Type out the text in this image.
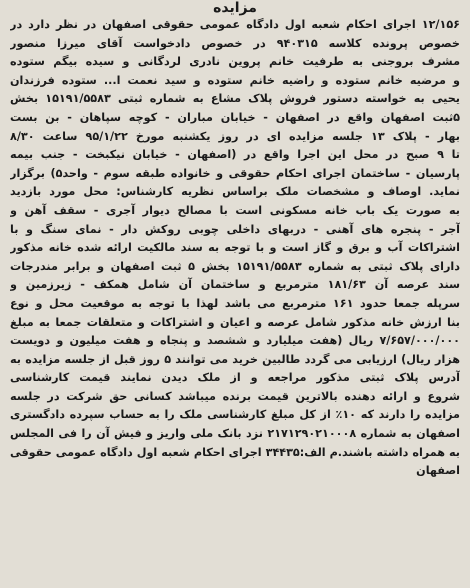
مزایده
۱۲/۱۵۶ اجرای احکام شعبه اول دادگاه عمومی حقوقی اصفهان در نظر دارد در
خصوص پرونده کلاسه ۹۴۰۳۱۵ در خصوص دادخواست آقای میرزا منصور
مشرف بروجنی به طرفیت خانم پروین نادری لردگانی و سیده بیگم ستوده
و مرضیه خانم ستوده و راضیه خانم ستوده و سید نعمت ا... ستوده فرزندان
یحیی به خواسته دستور فروش پلاک مشاع به شماره ثبتی ۱۵۱۹۱/۵۵۸۳ بخش
۵ثبت اصفهان واقع در اصفهان - خیابان مباران - کوچه سپاهان - بن بست
بهار - پلاک ۱۳ جلسه مزایده ای در روز یکشنبه مورخ ۹۵/۱/۲۲ ساعت ۸/۳۰
تا ۹ صبح در محل این اجرا واقع در (اصفهان - خیابان نیکبخت - جنب بیمه
پارسیان - ساختمان اجرای احکام حقوقی و خانواده طبقه سوم - واحد۵) برگزار
نماید. اوصاف و مشخصات ملک براساس نظریه کارشناس: محل مورد بازدید
به صورت یک باب خانه مسکونی است با مصالح دیوار آجری - سقف آهن و
آجر - پنجره های آهنی - دربهای داخلی چوبی روکش دار - نمای سنگ و با
اشتراکات آب و برق و گاز است و با توجه به سند مالکیت ارائه شده خانه مذکور
دارای پلاک ثبتی به شماره ۱۵۱۹۱/۵۵۸۳ بخش ۵ ثبت اصفهان و برابر مندرجات
سند عرصه آن ۱۸۱/۶۳ مترمربع و ساختمان آن شامل همکف - زیرزمین و
سرپله جمعا حدود ۱۶۱ مترمربع می باشد لهذا با توجه به موقعیت محل و نوع
بنا ارزش خانه مذکور شامل عرصه و اعیان و اشتراکات و متعلقات جمعا به مبلغ
۷/۶۵۷/۰۰۰/۰۰۰ ریال (هفت میلیارد و ششصد و پنجاه و هفت میلیون و دویست
هزار ریال) ارزیابی می گردد طالبین خرید می توانند ۵ روز قبل از جلسه مزایده به
آدرس پلاک ثبتی مذکور مراجعه و از ملک دیدن نمایند قیمت کارشناسی
شروع و ارائه دهنده بالاترین قیمت برنده میباشد کسانی حق شرکت در جلسه
مزایده را دارند که ۱۰٪ از کل مبلغ کارشناسی ملک را به حساب سپرده دادگستری
اصفهان به شماره ۲۱۷۱۲۹۰۲۱۰۰۰۸ نزد بانک ملی واریز و فیش آن را فی المجلس
به همراه داشته باشند.م الف:۳۴۴۳۵ اجرای احکام شعبه اول دادگاه عمومی حقوقی
اصفهان
